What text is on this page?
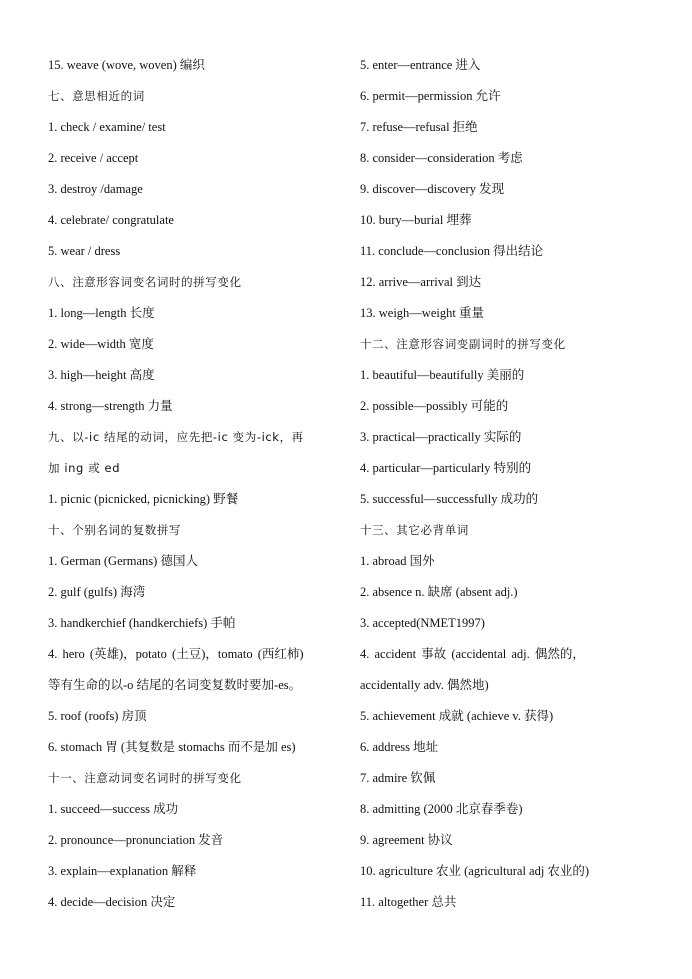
15. weave (wove, woven) 编织
七、意思相近的词
1. check / examine/ test
2. receive / accept
3. destroy /damage
4. celebrate/ congratulate
5. wear / dress
八、注意形容词变名词时的拼写变化
1. long—length 长度
2. wide—width 宽度
3. high—height 高度
4. strong—strength 力量
九、以-ic 结尾的动词，应先把-ic 变为-ick，再
加 ing 或 ed
1. picnic (picnicked, picnicking) 野餐
十、个别名词的复数拼写
1. German (Germans) 德国人
2. gulf (gulfs) 海湾
3. handkerchief (handkerchiefs) 手帕
4. hero (英雄)，potato (土豆)，tomato (西红柿)
等有生命的以-o 结尾的名词变复数时要加-es。
5. roof (roofs) 房顶
6. stomach 胃 (其复数是 stomachs 而不是加 es)
十一、注意动词变名词时的拼写变化
1. succeed—success 成功
2. pronounce—pronunciation 发音
3. explain—explanation 解释
4. decide—decision 决定
5. enter—entrance 进入
6. permit—permission 允许
7. refuse—refusal 拒绝
8. consider—consideration 考虑
9. discover—discovery 发现
10. bury—burial 埋葬
11. conclude—conclusion 得出结论
12. arrive—arrival 到达
13. weigh—weight 重量
十二、注意形容词变副词时的拼写变化
1. beautiful—beautifully 美丽的
2. possible—possibly 可能的
3. practical—practically 实际的
4. particular—particularly 特别的
5. successful—successfully 成功的
十三、其它必背单词
1. abroad 国外
2. absence n. 缺席 (absent adj.)
3. accepted(NMET1997)
4. accident 事故 (accidental adj. 偶然的，
accidentally adv. 偶然地)
5. achievement 成就 (achieve v. 获得)
6. address 地址
7. admire 钦佩
8. admitting (2000 北京春季卷)
9. agreement 协议
10. agriculture 农业 (agricultural adj 农业的)
11. altogether 总共
